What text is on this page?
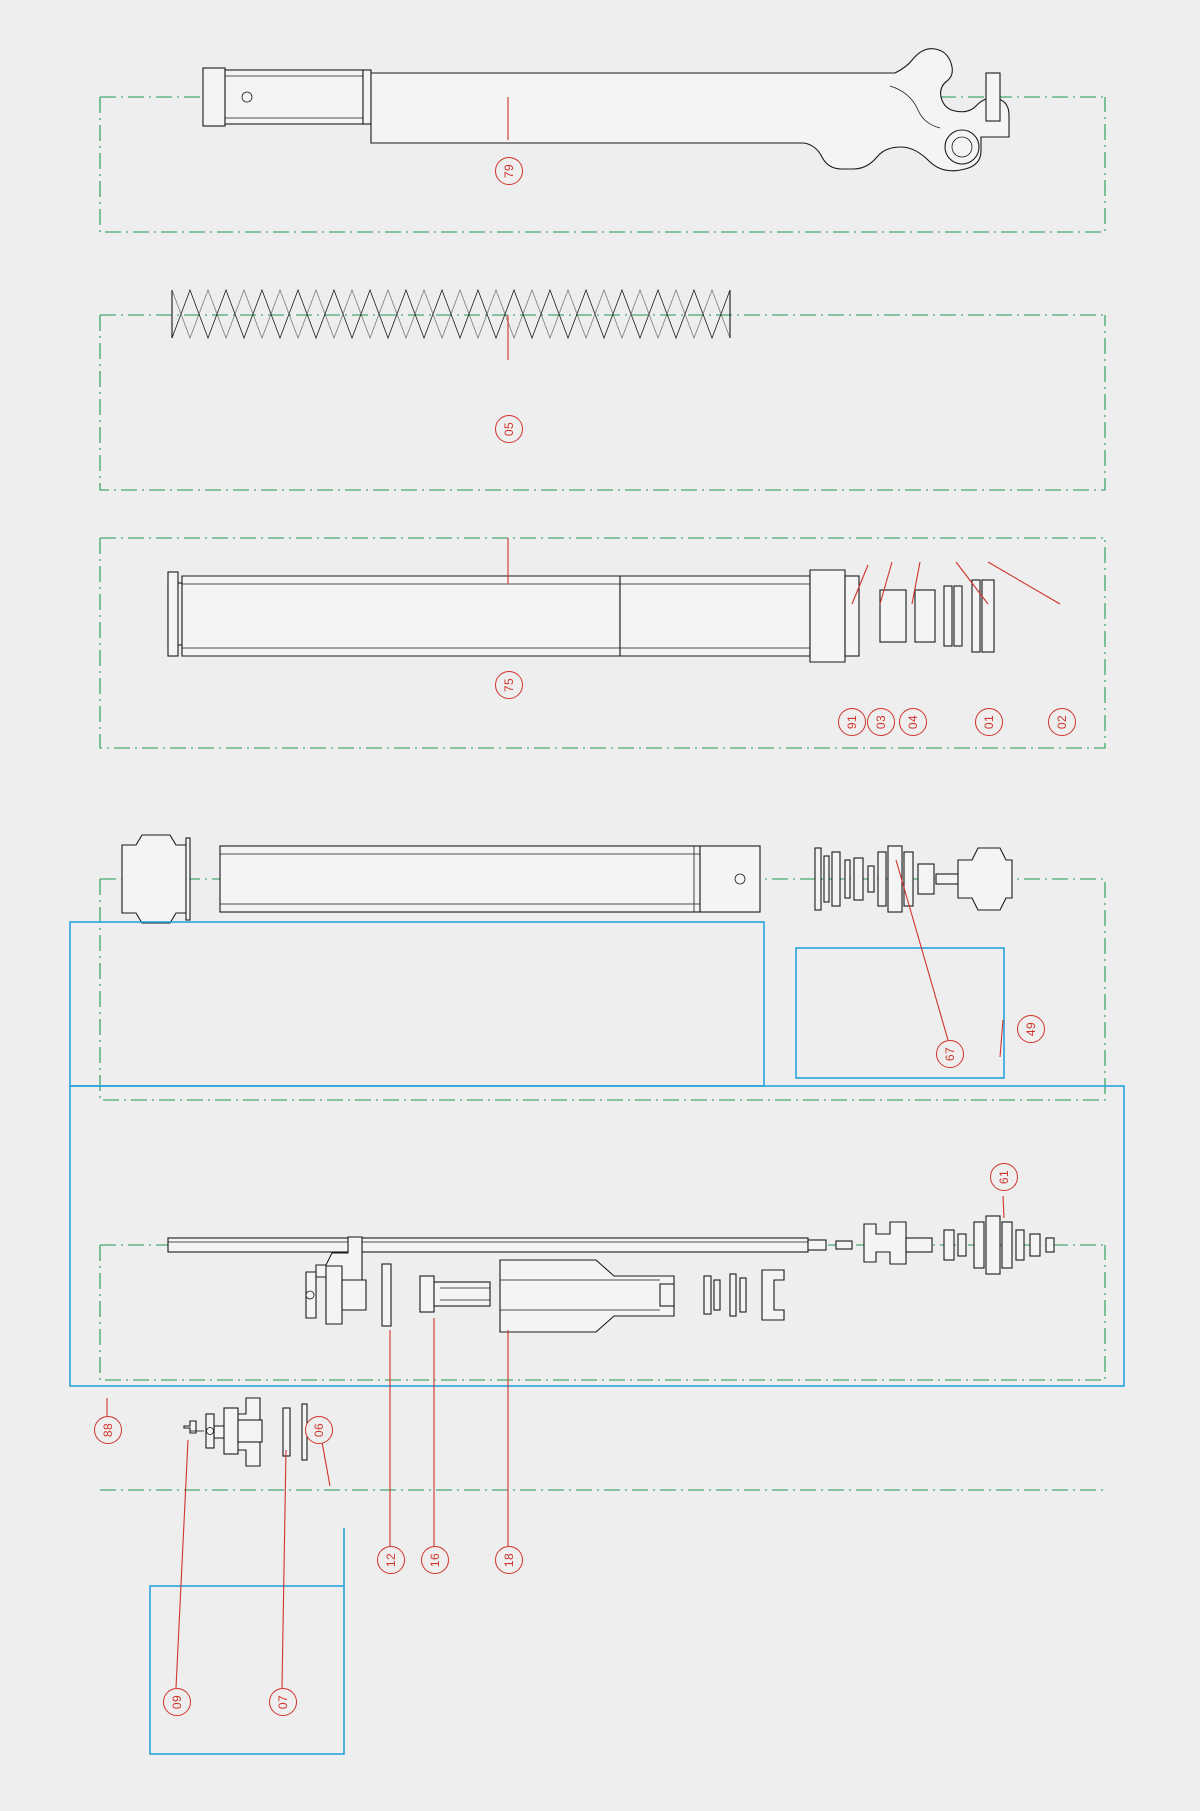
79
05
75
91 03 04	01	02
67
49
61
88	06
12	16	18
09	07
